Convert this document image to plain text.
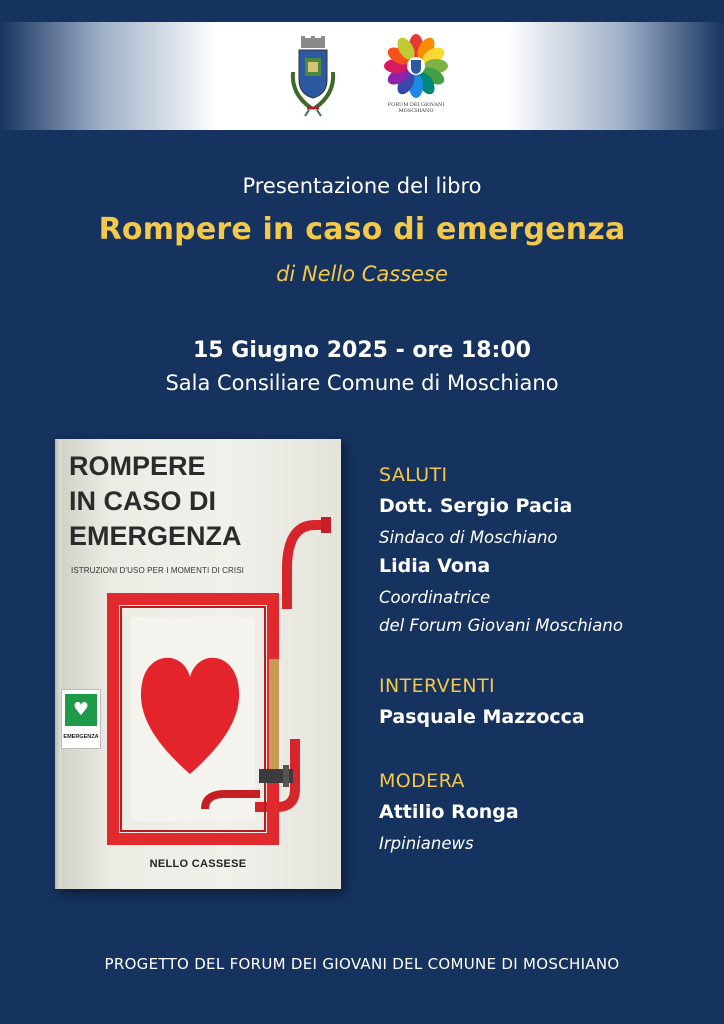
FORUM DEI GIOVANI MOSCHIANO
Presentazione del libro
Rompere in caso di emergenza
di Nello Cassese
15 Giugno 2025 - ore 18:00
Sala Consiliare Comune di Moschiano
ROMPERE
IN CASO DI
EMERGENZA
ISTRUZIONI D'USO PER I MOMENTI DI CRISI
♥
EMERGENZA
NELLO CASSESE
SALUTI
Dott. Sergio Pacia
Sindaco di Moschiano
Lidia Vona
Coordinatrice
del Forum Giovani Moschiano
INTERVENTI
Pasquale Mazzocca
MODERA
Attilio Ronga
Irpinianews
PROGETTO DEL FORUM DEI GIOVANI DEL COMUNE DI MOSCHIANO
